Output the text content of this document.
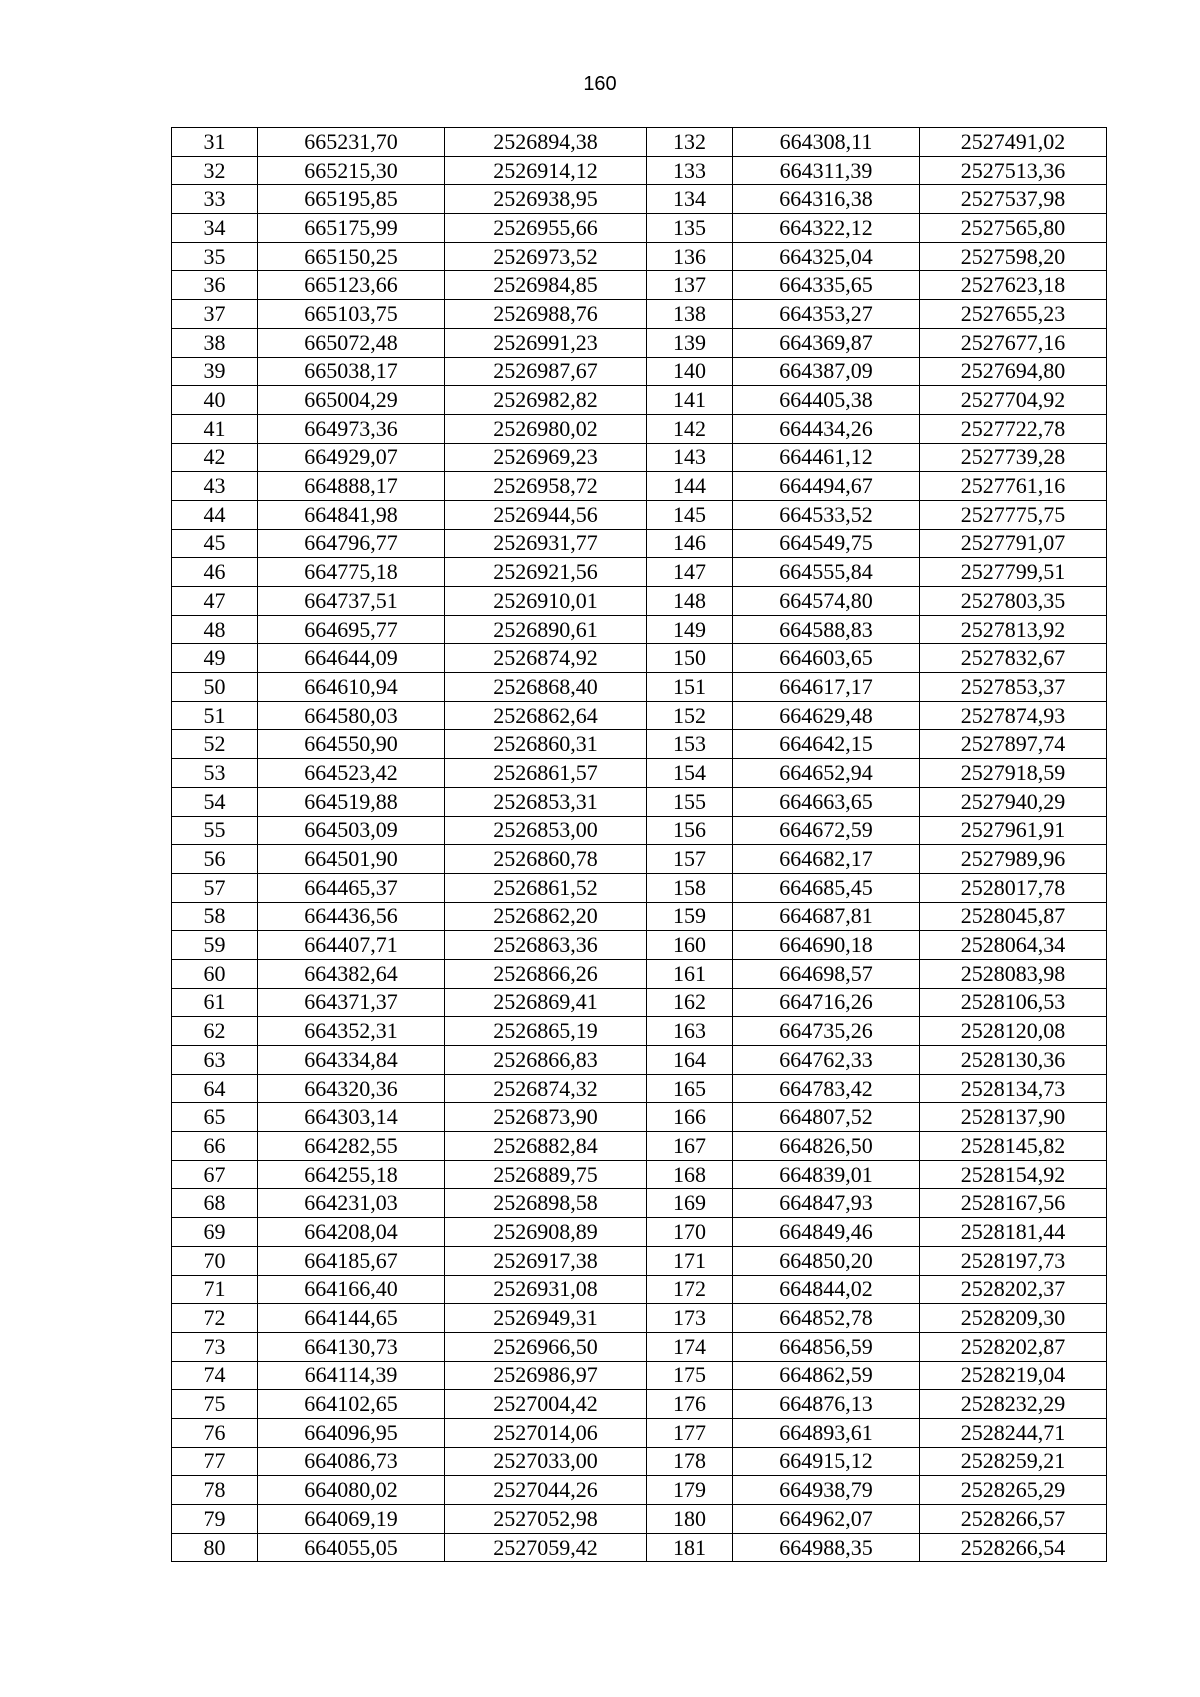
160
31	665231,70	2526894,38	132	664308,11	2527491,02
32	665215,30	2526914,12	133	664311,39	2527513,36
33	665195,85	2526938,95	134	664316,38	2527537,98
34	665175,99	2526955,66	135	664322,12	2527565,80
35	665150,25	2526973,52	136	664325,04	2527598,20
36	665123,66	2526984,85	137	664335,65	2527623,18
37	665103,75	2526988,76	138	664353,27	2527655,23
38	665072,48	2526991,23	139	664369,87	2527677,16
39	665038,17	2526987,67	140	664387,09	2527694,80
40	665004,29	2526982,82	141	664405,38	2527704,92
41	664973,36	2526980,02	142	664434,26	2527722,78
42	664929,07	2526969,23	143	664461,12	2527739,28
43	664888,17	2526958,72	144	664494,67	2527761,16
44	664841,98	2526944,56	145	664533,52	2527775,75
45	664796,77	2526931,77	146	664549,75	2527791,07
46	664775,18	2526921,56	147	664555,84	2527799,51
47	664737,51	2526910,01	148	664574,80	2527803,35
48	664695,77	2526890,61	149	664588,83	2527813,92
49	664644,09	2526874,92	150	664603,65	2527832,67
50	664610,94	2526868,40	151	664617,17	2527853,37
51	664580,03	2526862,64	152	664629,48	2527874,93
52	664550,90	2526860,31	153	664642,15	2527897,74
53	664523,42	2526861,57	154	664652,94	2527918,59
54	664519,88	2526853,31	155	664663,65	2527940,29
55	664503,09	2526853,00	156	664672,59	2527961,91
56	664501,90	2526860,78	157	664682,17	2527989,96
57	664465,37	2526861,52	158	664685,45	2528017,78
58	664436,56	2526862,20	159	664687,81	2528045,87
59	664407,71	2526863,36	160	664690,18	2528064,34
60	664382,64	2526866,26	161	664698,57	2528083,98
61	664371,37	2526869,41	162	664716,26	2528106,53
62	664352,31	2526865,19	163	664735,26	2528120,08
63	664334,84	2526866,83	164	664762,33	2528130,36
64	664320,36	2526874,32	165	664783,42	2528134,73
65	664303,14	2526873,90	166	664807,52	2528137,90
66	664282,55	2526882,84	167	664826,50	2528145,82
67	664255,18	2526889,75	168	664839,01	2528154,92
68	664231,03	2526898,58	169	664847,93	2528167,56
69	664208,04	2526908,89	170	664849,46	2528181,44
70	664185,67	2526917,38	171	664850,20	2528197,73
71	664166,40	2526931,08	172	664844,02	2528202,37
72	664144,65	2526949,31	173	664852,78	2528209,30
73	664130,73	2526966,50	174	664856,59	2528202,87
74	664114,39	2526986,97	175	664862,59	2528219,04
75	664102,65	2527004,42	176	664876,13	2528232,29
76	664096,95	2527014,06	177	664893,61	2528244,71
77	664086,73	2527033,00	178	664915,12	2528259,21
78	664080,02	2527044,26	179	664938,79	2528265,29
79	664069,19	2527052,98	180	664962,07	2528266,57
80	664055,05	2527059,42	181	664988,35	2528266,54
